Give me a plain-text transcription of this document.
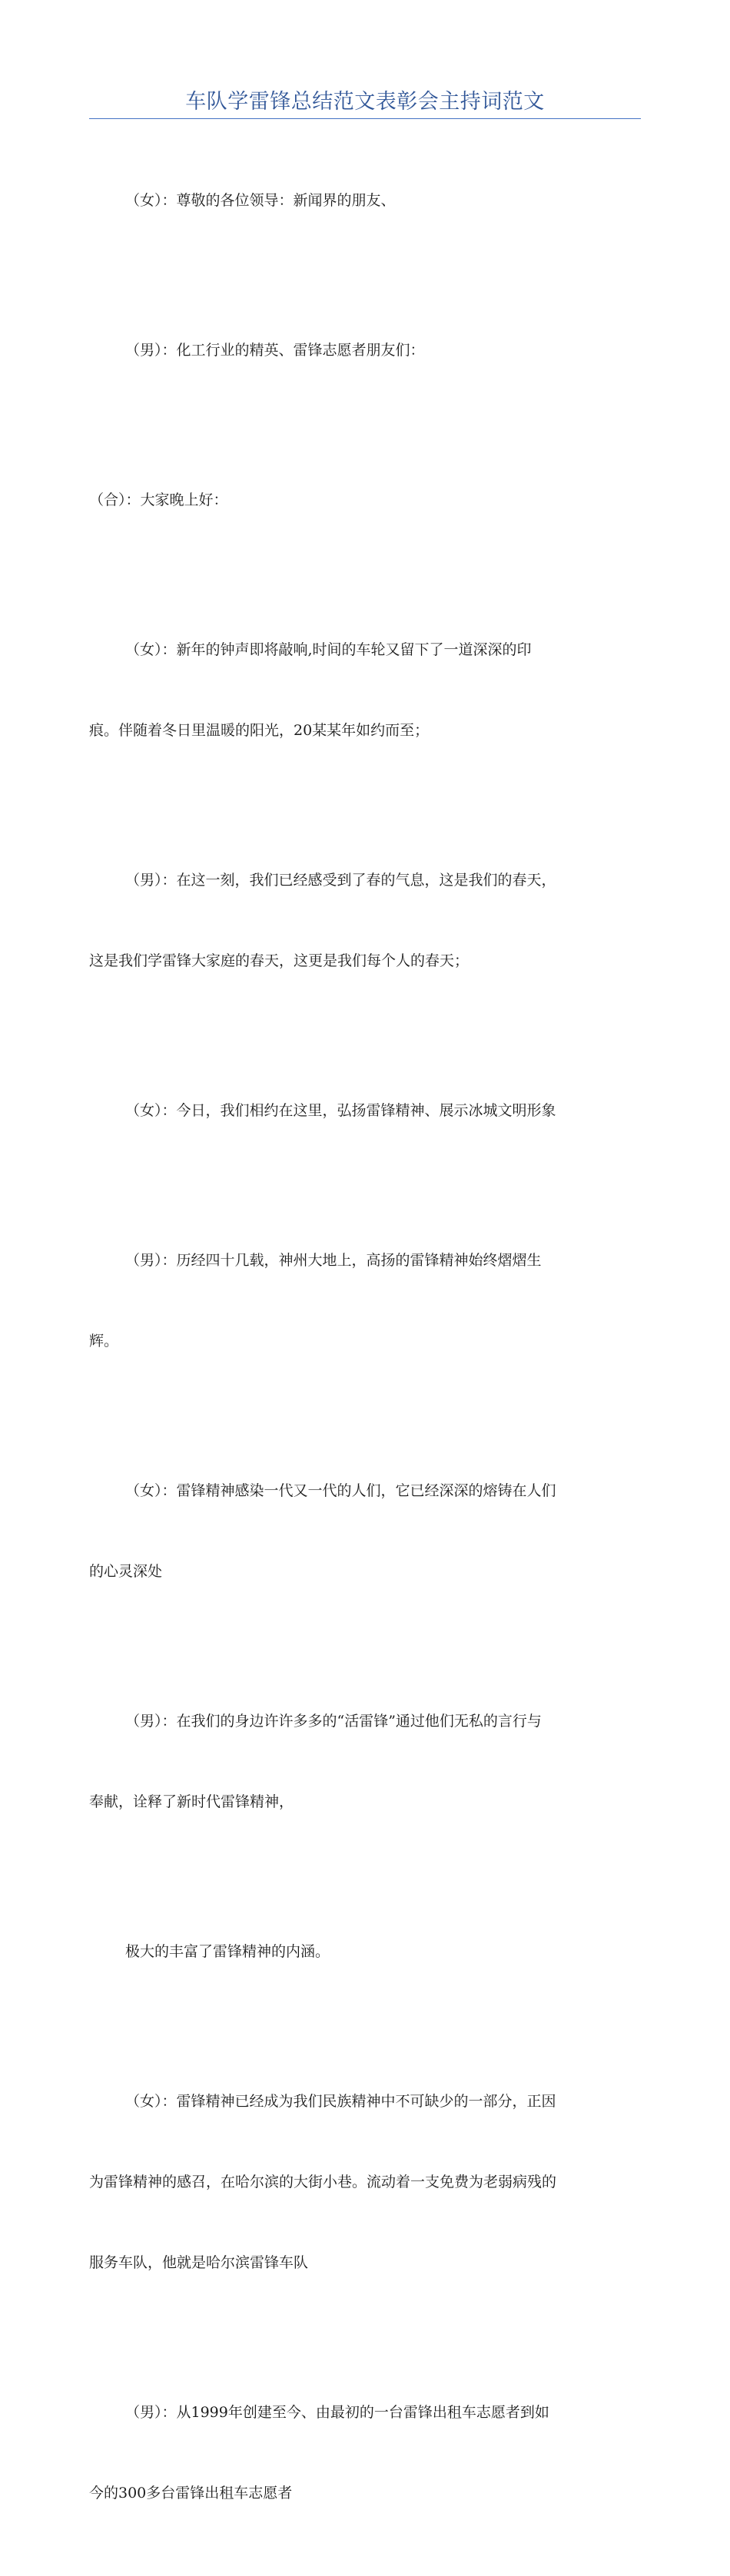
车队学雷锋总结范文表彰会主持词范文

（女）：尊敬的各位领导：新闻界的朋友、

（男）：化工行业的精英、雷锋志愿者朋友们：

（合）：大家晚上好：

（女）：新年的钟声即将敲响,时间的车轮又留下了一道深深的印

痕。伴随着冬日里温暖的阳光，20某某年如约而至；

（男）：在这一刻，我们已经感受到了春的气息，这是我们的春天，

这是我们学雷锋大家庭的春天，这更是我们每个人的春天；

（女）：今日，我们相约在这里，弘扬雷锋精神、展示冰城文明形象

（男）：历经四十几载，神州大地上，高扬的雷锋精神始终熠熠生

辉。

（女）：雷锋精神感染一代又一代的人们，它已经深深的熔铸在人们

的心灵深处

（男）：在我们的身边许许多多的“活雷锋”通过他们无私的言行与

奉献，诠释了新时代雷锋精神，

极大的丰富了雷锋精神的内涵。

（女）：雷锋精神已经成为我们民族精神中不可缺少的一部分，正因

为雷锋精神的感召，在哈尔滨的大街小巷。流动着一支免费为老弱病残的

服务车队，他就是哈尔滨雷锋车队

（男）：从1999年创建至今、由最初的一台雷锋出租车志愿者到如

今的300多台雷锋出租车志愿者
